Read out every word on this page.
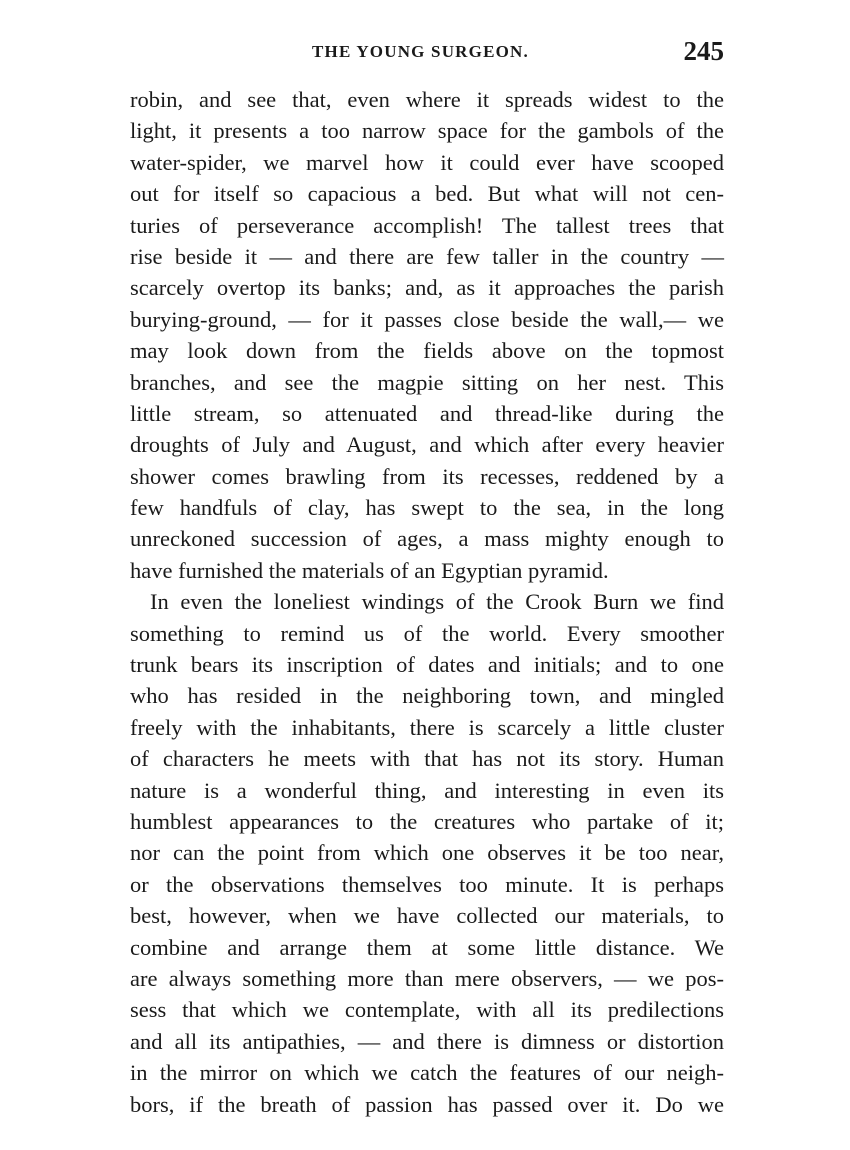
THE YOUNG SURGEON.	245
robin, and see that, even where it spreads widest to the
light, it presents a too narrow space for the gambols of the
water-spider, we marvel how it could ever have scooped
out for itself so capacious a bed. But what will not cen-
turies of perseverance accomplish! The tallest trees that
rise beside it — and there are few taller in the country —
scarcely overtop its banks; and, as it approaches the parish
burying-ground, — for it passes close beside the wall,— we
may look down from the fields above on the topmost
branches, and see the magpie sitting on her nest. This
little stream, so attenuated and thread-like during the
droughts of July and August, and which after every heavier
shower comes brawling from its recesses, reddened by a
few handfuls of clay, has swept to the sea, in the long
unreckoned succession of ages, a mass mighty enough to
have furnished the materials of an Egyptian pyramid.
In even the loneliest windings of the Crook Burn we find
something to remind us of the world. Every smoother
trunk bears its inscription of dates and initials; and to one
who has resided in the neighboring town, and mingled
freely with the inhabitants, there is scarcely a little cluster
of characters he meets with that has not its story. Human
nature is a wonderful thing, and interesting in even its
humblest appearances to the creatures who partake of it;
nor can the point from which one observes it be too near,
or the observations themselves too minute. It is perhaps
best, however, when we have collected our materials, to
combine and arrange them at some little distance. We
are always something more than mere observers, — we pos-
sess that which we contemplate, with all its predilections
and all its antipathies, — and there is dimness or distortion
in the mirror on which we catch the features of our neigh-
bors, if the breath of passion has passed over it. Do we
